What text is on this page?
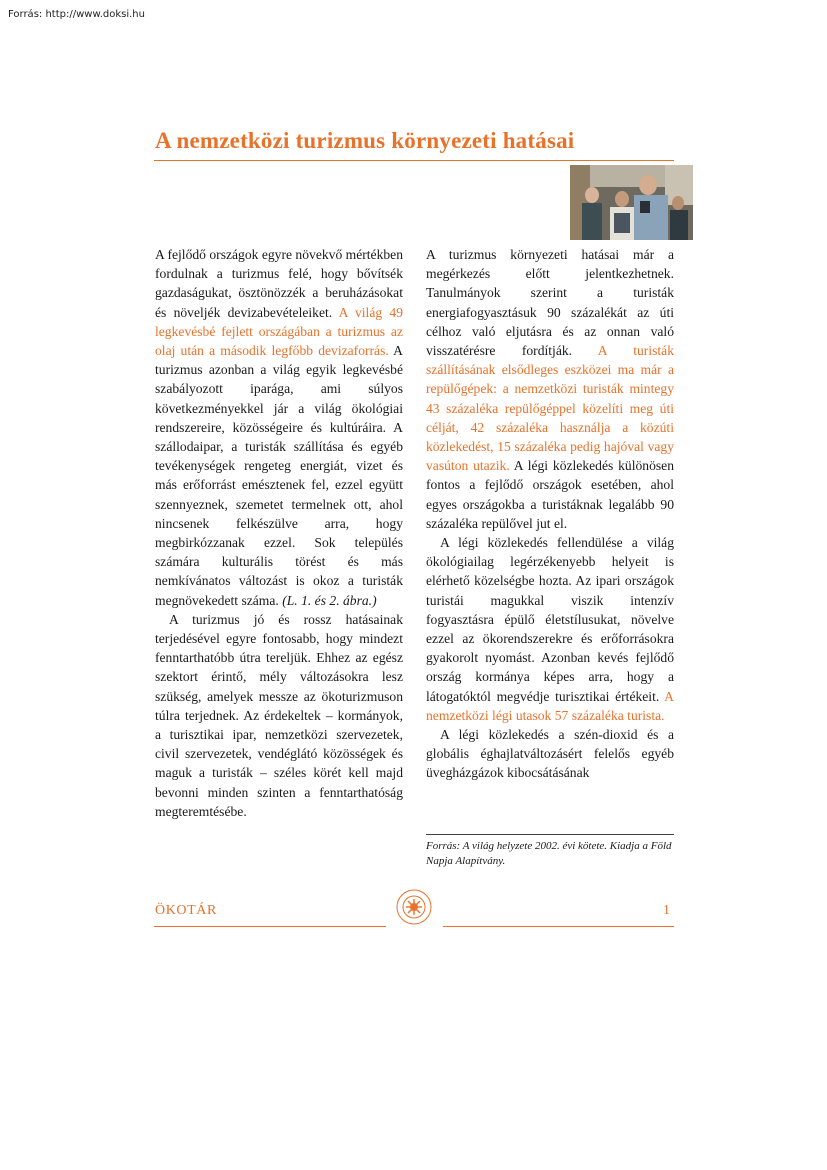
Forrás: http://www.doksi.hu
A nemzetközi turizmus környezeti hatásai

A fejlődő országok egyre növekvő mértékben fordulnak a turizmus felé, hogy bővítsék gazdaságukat, ösztönözzék a beruházásokat és növeljék devizabevételeiket. A világ 49 legkevésbé fejlett országában a turizmus az olaj után a második legfőbb devizaforrás. A turizmus azonban a világ egyik legkevésbé szabályozott iparága, ami súlyos következményekkel jár a világ ökológiai rendszereire, közösségeire és kultúráira. A szállodaipar, a turisták szállítása és egyéb tevékenységek rengeteg energiát, vizet és más erőforrást emésztenek fel, ezzel együtt szennyeznek, szemetet termelnek ott, ahol nincsenek felkészülve arra, hogy megbirkózzanak ezzel. Sok település számára kulturális törést és más nemkívánatos változást is okoz a turisták megnövekedett száma. (L. 1. és 2. ábra.)

A turizmus jó és rossz hatásainak terjedésével egyre fontosabb, hogy mindezt fenntarthatóbb útra tereljük. Ehhez az egész szektort érintő, mély változásokra lesz szükség, amelyek messze az ökoturizmuson túlra terjednek. Az érdekeltek – kormányok, a turisztikai ipar, nemzetközi szervezetek, civil szervezetek, vendéglátó közösségek és maguk a turisták – széles körét kell majd bevonni minden szinten a fenntarthatóság megteremtésébe.

A turizmus környezeti hatásai már a megérkezés előtt jelentkezhetnek. Tanulmányok szerint a turisták energiafogyasztásuk 90 százalékát az úti célhoz való eljutásra és az onnan való visszatérésre fordítják. A turisták szállításának elsődleges eszközei ma már a repülőgépek: a nemzetközi turisták mintegy 43 százaléka repülőgéppel közelíti meg úti célját, 42 százaléka használja a közúti közlekedést, 15 százaléka pedig hajóval vagy vasúton utazik. A légi közlekedés különösen fontos a fejlődő országok esetében, ahol egyes országokba a turistáknak legalább 90 százaléka repülővel jut el.

A légi közlekedés fellendülése a világ ökológiailag legérzékenyebb helyeit is elérhető közelségbe hozta. Az ipari országok turistái magukkal viszik intenzív fogyasztásra épülő életstílusukat, növelve ezzel az ökorendszerekre és erőforrásokra gyakorolt nyomást. Azonban kevés fejlődő ország kormánya képes arra, hogy a látogatóktól megvédje turisztikai értékeit. A nemzetközi légi utasok 57 százaléka turista.

A légi közlekedés a szén-dioxid és a globális éghajlatváltozásért felelős egyéb üvegházgázok kibocsátásának

Forrás: A világ helyzete 2002. évi kötete. Kiadja a Föld Napja Alapítvány.
ÖKOTÁR
· · · · ·
1
